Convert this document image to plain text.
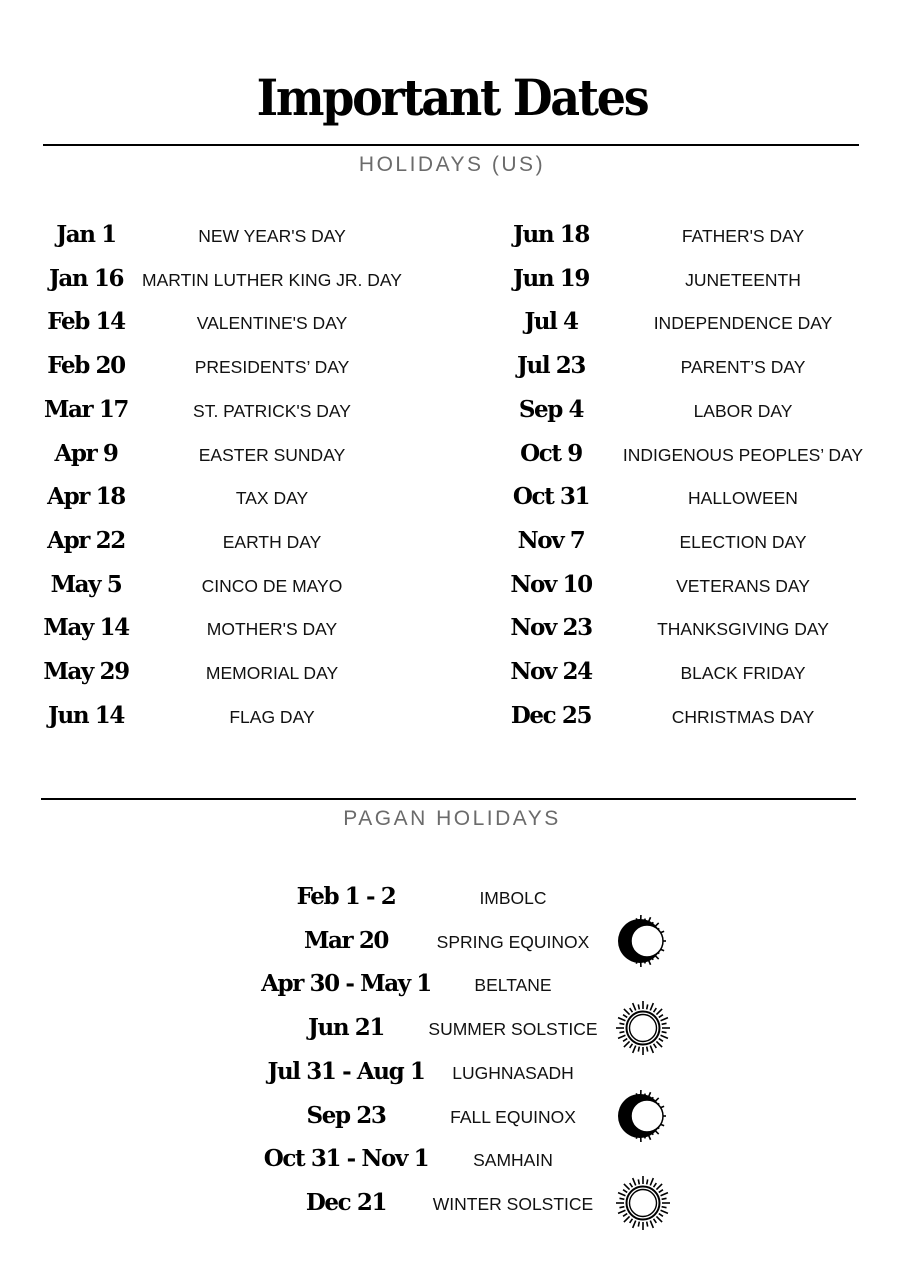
Important Dates
HOLIDAYS (US)
Jan 1	NEW YEAR'S DAY
Jan 16	MARTIN LUTHER KING JR. DAY
Feb 14	VALENTINE'S DAY
Feb 20	PRESIDENTS’ DAY
Mar 17	ST. PATRICK'S DAY
Apr 9	EASTER SUNDAY
Apr 18	TAX DAY
Apr 22	EARTH DAY
May 5	CINCO DE MAYO
May 14	MOTHER'S DAY
May 29	MEMORIAL DAY
Jun 14	FLAG DAY
Jun 18	FATHER'S DAY
Jun 19	JUNETEENTH
Jul 4	INDEPENDENCE DAY
Jul 23	PARENT’S DAY
Sep 4	LABOR DAY
Oct 9	INDIGENOUS PEOPLES’ DAY
Oct 31	HALLOWEEN
Nov 7	ELECTION DAY
Nov 10	VETERANS DAY
Nov 23	THANKSGIVING DAY
Nov 24	BLACK FRIDAY
Dec 25	CHRISTMAS DAY
PAGAN HOLIDAYS
Feb 1 - 2	IMBOLC
Mar 20	SPRING EQUINOX
Apr 30 - May 1	BELTANE
Jun 21	SUMMER SOLSTICE
Jul 31 - Aug 1	LUGHNASADH
Sep 23	FALL EQUINOX
Oct 31 - Nov 1	SAMHAIN
Dec 21	WINTER SOLSTICE
